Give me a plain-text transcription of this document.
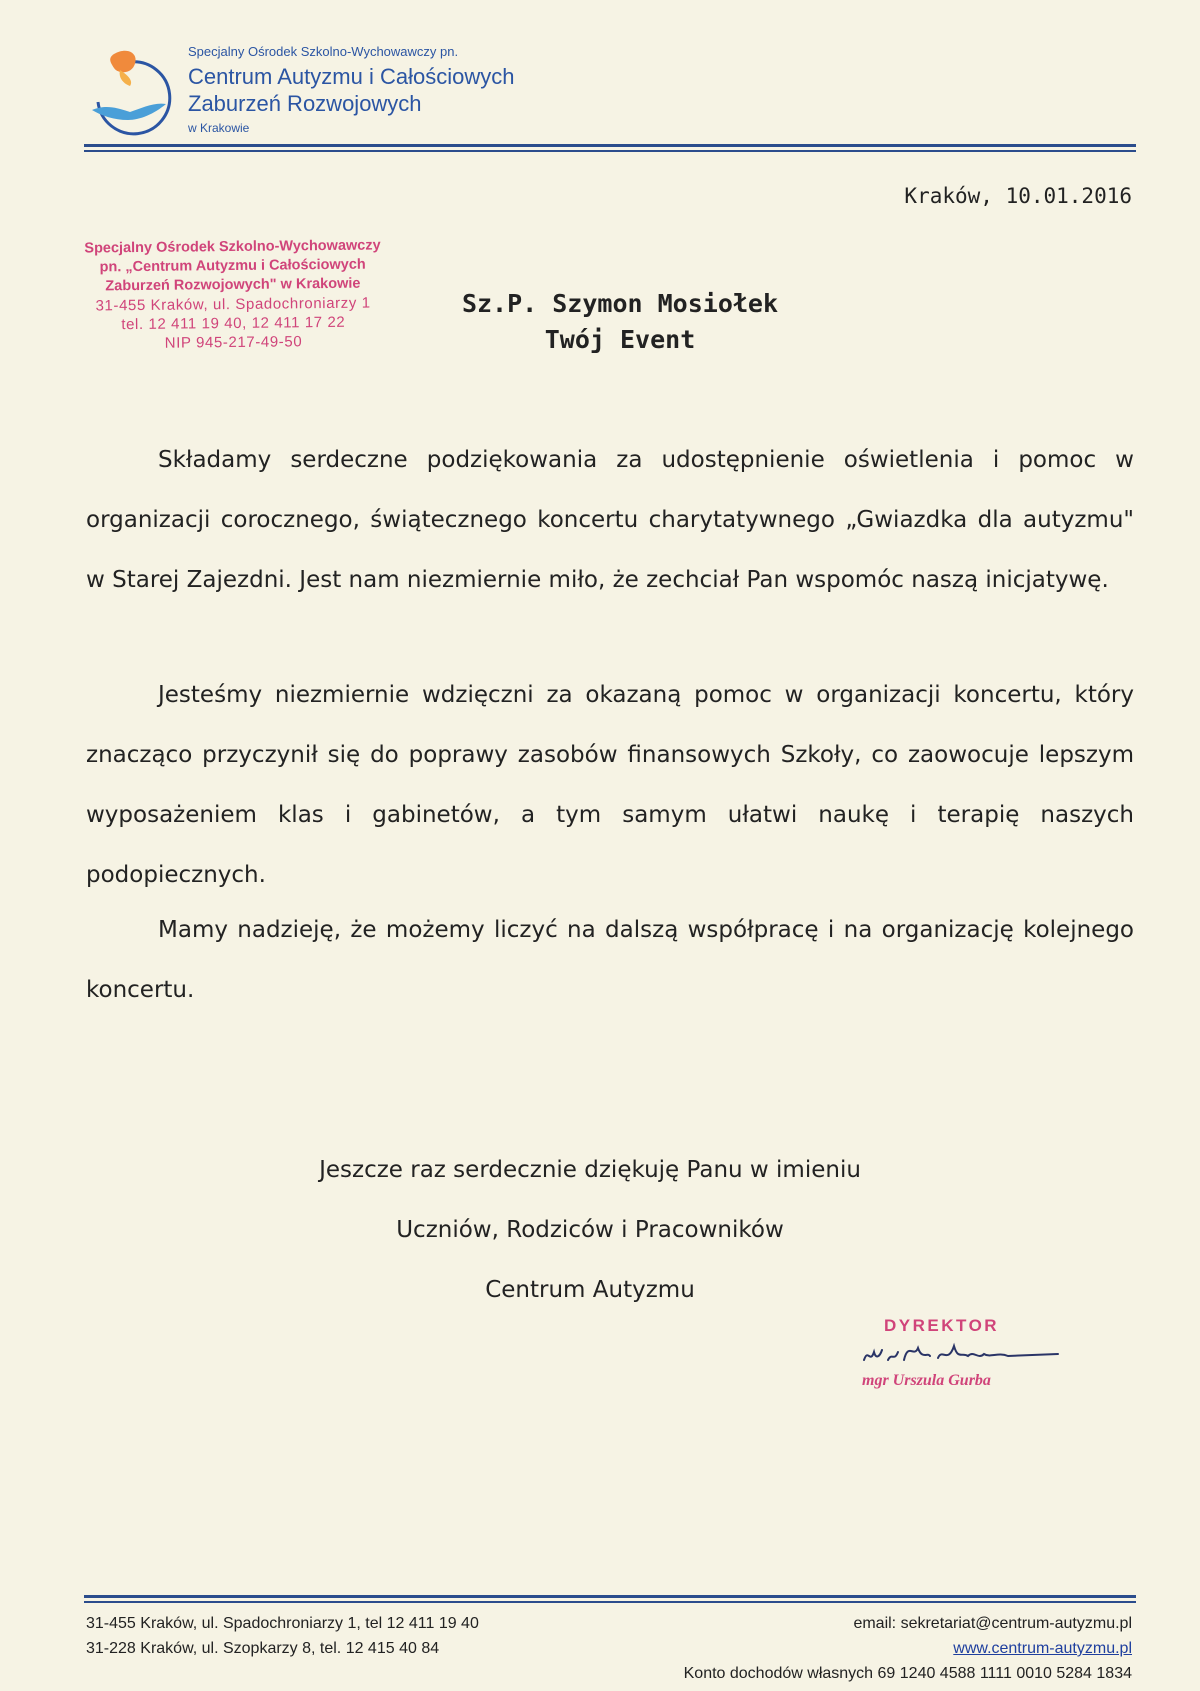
Specjalny Ośrodek Szkolno-Wychowawczy pn.
Centrum Autyzmu i Całościowych
Zaburzeń Rozwojowych
w Krakowie
Kraków, 10.01.2016
Specjalny Ośrodek Szkolno-Wychowawczy
pn. „Centrum Autyzmu i Całościowych
Zaburzeń Rozwojowych" w Krakowie
31-455 Kraków, ul. Spadochroniarzy 1
tel. 12 411 19 40, 12 411 17 22
NIP 945-217-49-50
Sz.P. Szymon Mosiołek
Twój Event
Składamy serdeczne podziękowania za udostępnienie oświetlenia i pomoc w organizacji corocznego, świątecznego koncertu charytatywnego „Gwiazdka dla autyzmu" w Starej Zajezdni. Jest nam niezmiernie miło, że zechciał Pan wspomóc naszą inicjatywę.
Jesteśmy niezmiernie wdzięczni za okazaną pomoc w organizacji koncertu, który znacząco przyczynił się do poprawy zasobów finansowych Szkoły, co zaowocuje lepszym wyposażeniem klas i gabinetów, a tym samym ułatwi naukę i terapię naszych podopiecznych.
Mamy nadzieję, że możemy liczyć na dalszą współpracę i na organizację kolejnego koncertu.
Jeszcze raz serdecznie dziękuję Panu w imieniu
Uczniów, Rodziców i Pracowników
Centrum Autyzmu
DYREKTOR
mgr Urszula Gurba
31-455 Kraków, ul. Spadochroniarzy 1, tel 12 411 19 40
31-228 Kraków, ul. Szopkarzy 8, tel. 12 415 40 84
email: sekretariat@centrum-autyzmu.pl
www.centrum-autyzmu.pl
Konto dochodów własnych 69 1240 4588 1111 0010 5284 1834
